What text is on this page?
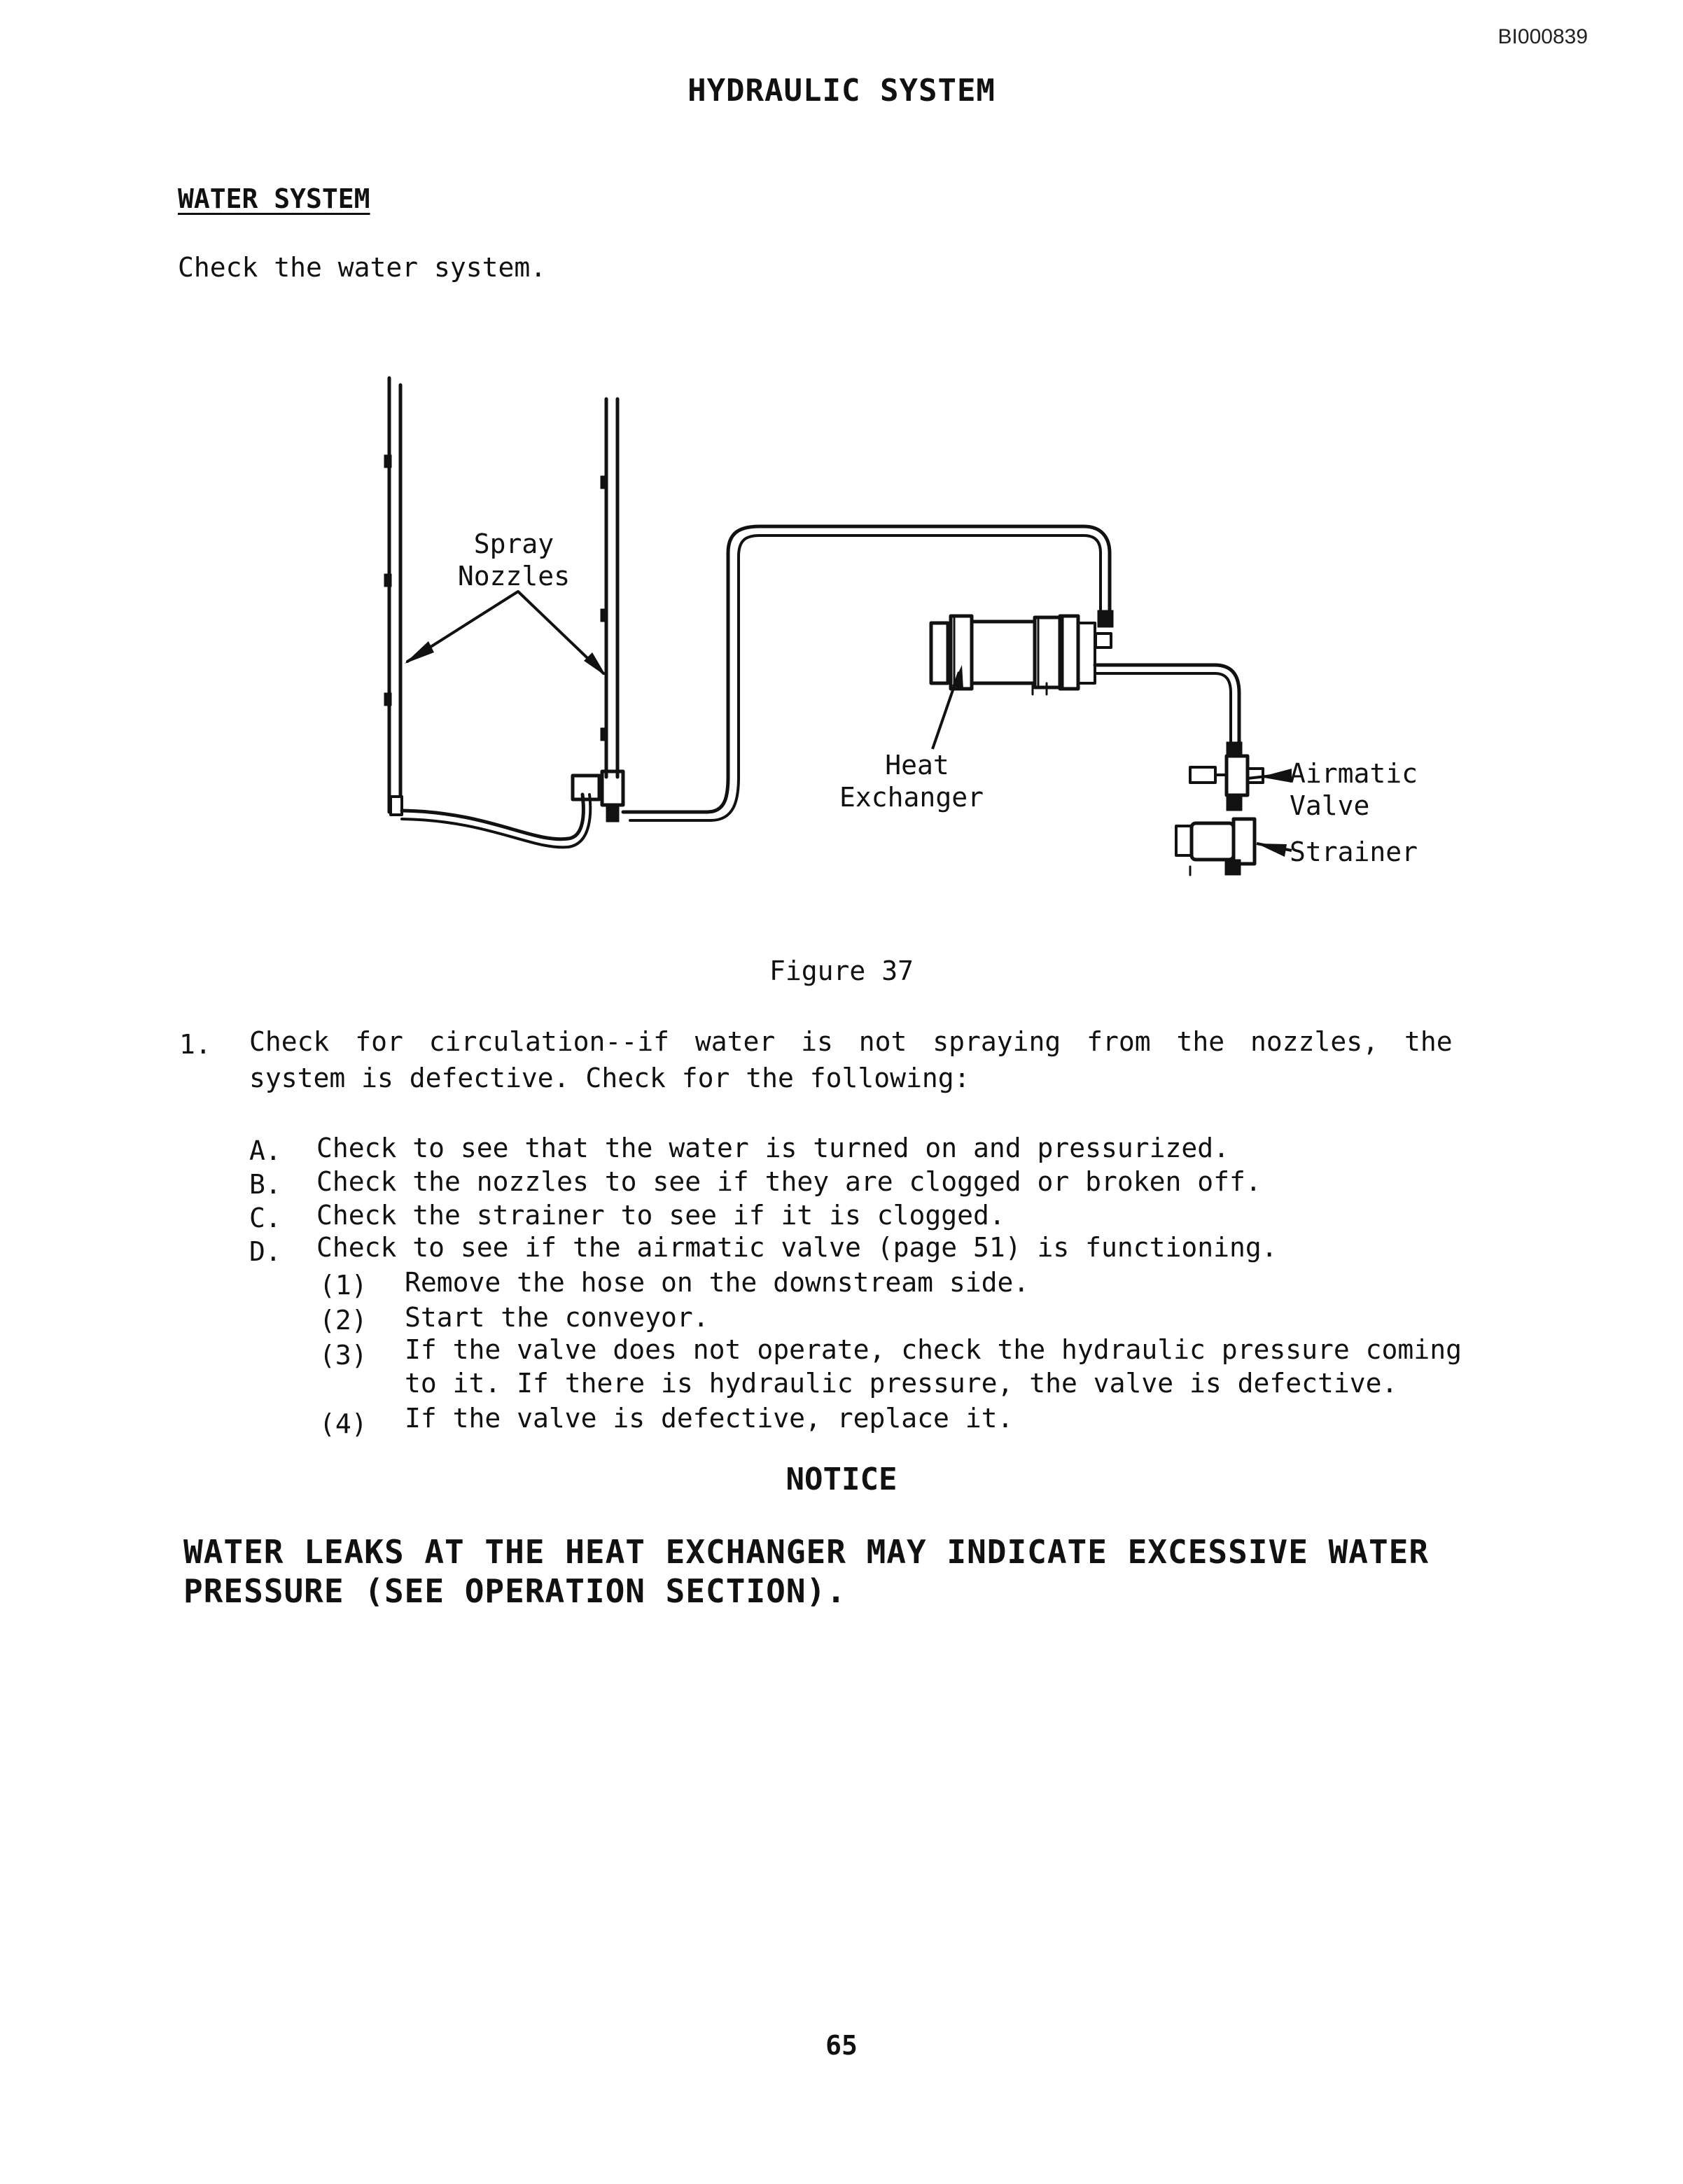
BI000839
HYDRAULIC SYSTEM
WATER SYSTEM
Check the water system.
Spray
Nozzles
Heat
Exchanger
Airmatic
Valve
Strainer
Figure 37
1. Check for circulation--if water is not spraying from the nozzles, the
system is defective. Check for the following:
A. Check to see that the water is turned on and pressurized.
B. Check the nozzles to see if they are clogged or broken off.
C. Check the strainer to see if it is clogged.
D. Check to see if the airmatic valve (page 51) is functioning.
(1) Remove the hose on the downstream side.
(2) Start the conveyor.
(3) If the valve does not operate, check the hydraulic pressure coming
to it. If there is hydraulic pressure, the valve is defective.
(4) If the valve is defective, replace it.
NOTICE
WATER LEAKS AT THE HEAT EXCHANGER MAY INDICATE EXCESSIVE WATER
PRESSURE (SEE OPERATION SECTION).
65
